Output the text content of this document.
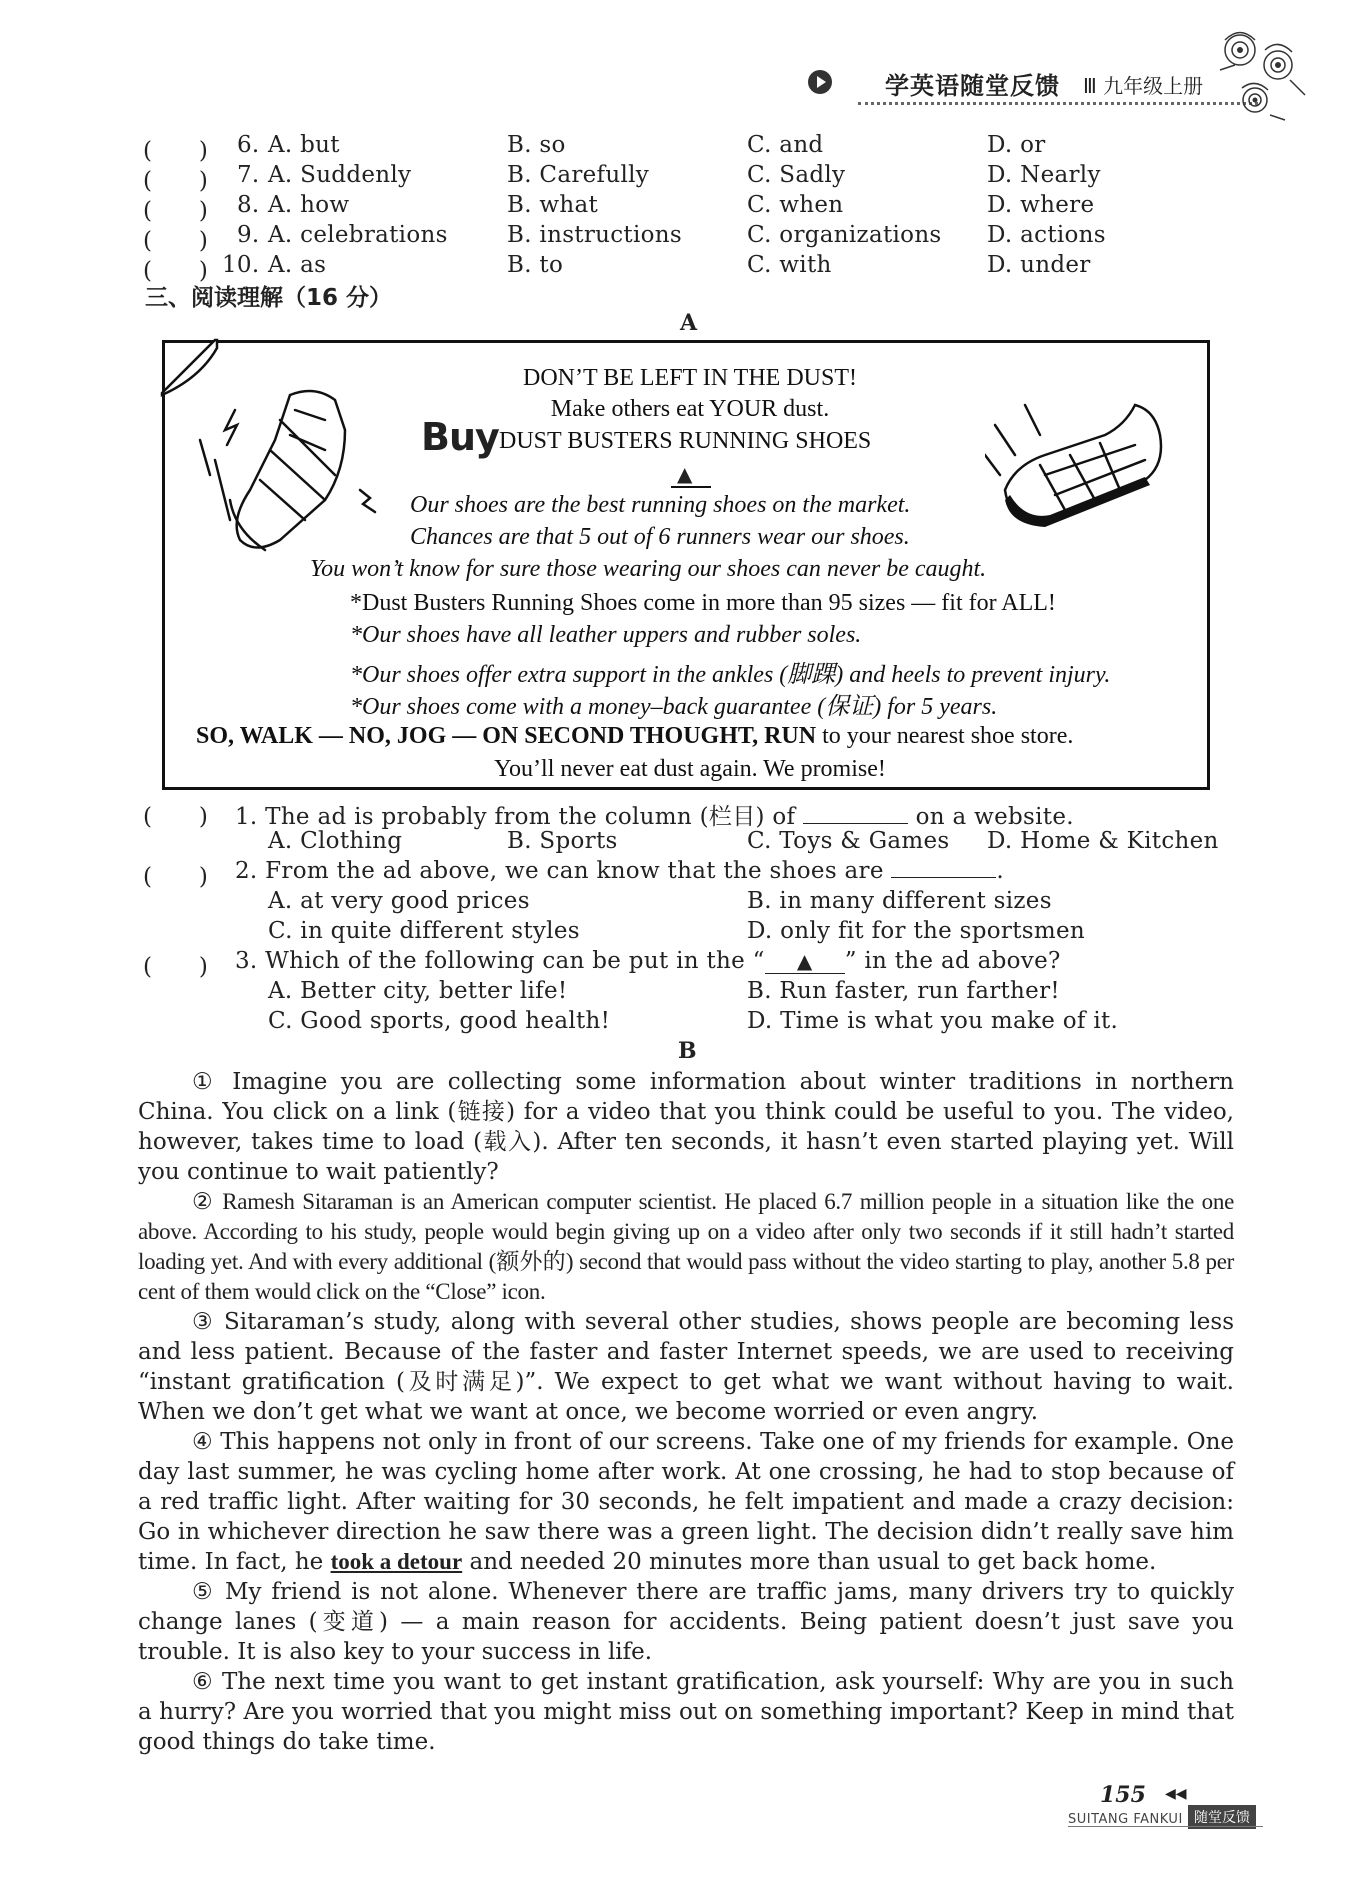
学英语随堂反馈 Ⅲ 九年级上册
(　　) 6. A. but	B. so	C. and	D. or
(　　) 7. A. Suddenly	B. Carefully	C. Sadly	D. Nearly
(　　) 8. A. how	B. what	C. when	D. where
(　　) 9. A. celebrations	B. instructions	C. organizations D. actions
(　　) 10. A. as	B. to	C. with	D. under
三、阅读理解（16 分）
A
DON’T BE LEFT IN THE DUST!
Make others eat YOUR dust.
Buy DUST BUSTERS RUNNING SHOES
▲
Our shoes are the best running shoes on the market.
Chances are that 5 out of 6 runners wear our shoes.
You won’t know for sure those wearing our shoes can never be caught.
*Dust Busters Running Shoes come in more than 95 sizes — fit for ALL!
*Our shoes have all leather uppers and rubber soles.
*Our shoes offer extra support in the ankles (脚踝) and heels to prevent injury.
*Our shoes come with a money–back guarantee (保证) for 5 years.
SO, WALK — NO, JOG — ON SECOND THOUGHT, RUN to your nearest shoe store.
You’ll never eat dust again. We promise!
(　　) 1. The ad is probably from the column (栏目) of	on a website.
A. Clothing	B. Sports	C. Toys & Games D. Home & Kitchen
(　　) 2. From the ad above, we can know that the shoes are	.
A. at very good prices	B. in many different sizes
C. in quite different styles	D. only fit for the sportsmen
(　　) 3. Which of the following can be put in the “ ▲ ” in the ad above?
A. Better city, better life!	B. Run faster, run farther!
C. Good sports, good health!	D. Time is what you make of it.
B
① Imagine you are collecting some information about winter traditions in northern China. You click on a link (链接) for a video that you think could be useful to you. The video, however, takes time to load (载入). After ten seconds, it hasn’t even started playing yet. Will you continue to wait patiently?
② Ramesh Sitaraman is an American computer scientist. He placed 6.7 million people in a situation like the one above. According to his study, people would begin giving up on a video after only two seconds if it still hadn’t started loading yet. And with every additional (额外的) second that would pass without the video starting to play, another 5.8 per cent of them would click on the “Close” icon.
③ Sitaraman’s study, along with several other studies, shows people are becoming less and less patient. Because of the faster and faster Internet speeds, we are used to receiving “instant gratification (及时满足)”. We expect to get what we want without having to wait. When we don’t get what we want at once, we become worried or even angry.
④ This happens not only in front of our screens. Take one of my friends for example. One day last summer, he was cycling home after work. At one crossing, he had to stop because of a red traffic light. After waiting for 30 seconds, he felt impatient and made a crazy decision: Go in whichever direction he saw there was a green light. The decision didn’t really save him time. In fact, he took a detour and needed 20 minutes more than usual to get back home.
⑤ My friend is not alone. Whenever there are traffic jams, many drivers try to quickly change lanes (变道) — a main reason for accidents. Being patient doesn’t just save you trouble. It is also key to your success in life.
⑥ The next time you want to get instant gratification, ask yourself: Why are you in such a hurry? Are you worried that you might miss out on something important? Keep in mind that good things do take time.
155 ◀◀
SUITANG FANKUI 随堂反馈
